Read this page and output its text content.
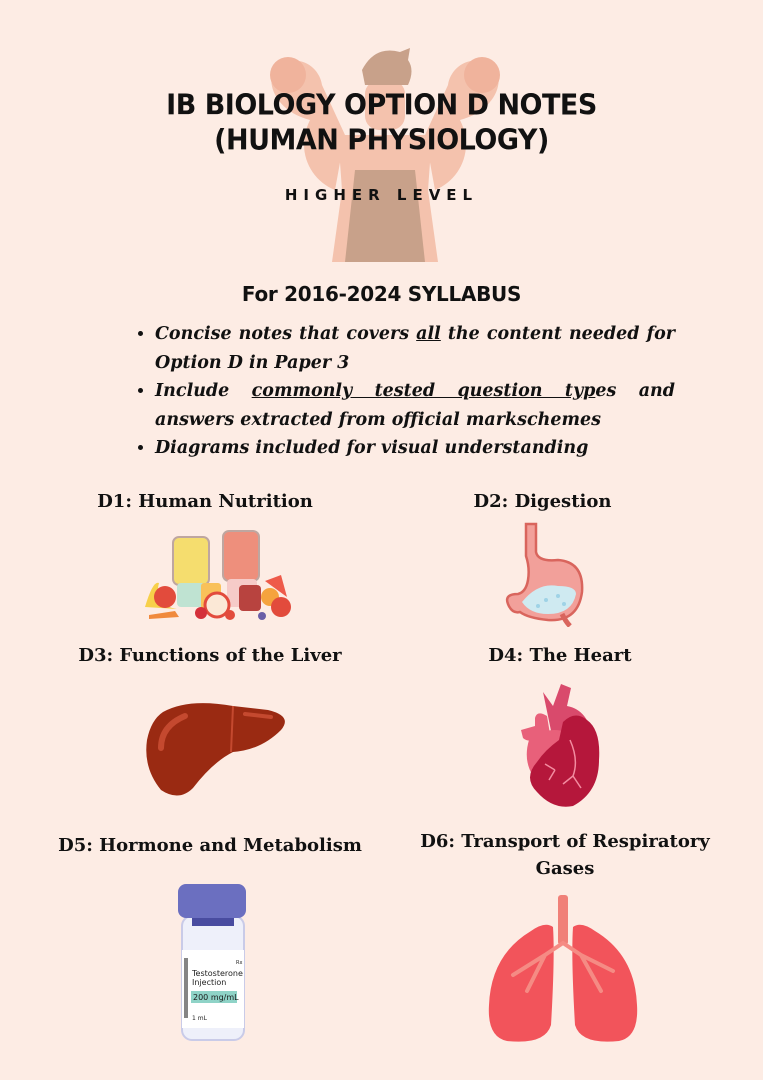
IB BIOLOGY OPTION D NOTES
(HUMAN PHYSIOLOGY)
HIGHER LEVEL
For 2016-2024 SYLLABUS
• Concise notes that covers all the content needed for Option D in Paper 3
• Include commonly tested question types and answers extracted from official markschemes
• Diagrams included for visual understanding
D1: Human Nutrition	D2: Digestion
D3: Functions of the Liver	D4: The Heart
D5: Hormone and Metabolism
Testosterone
Injection
200 mg/mL
1 mL
Rx
D6: Transport of Respiratory Gases
